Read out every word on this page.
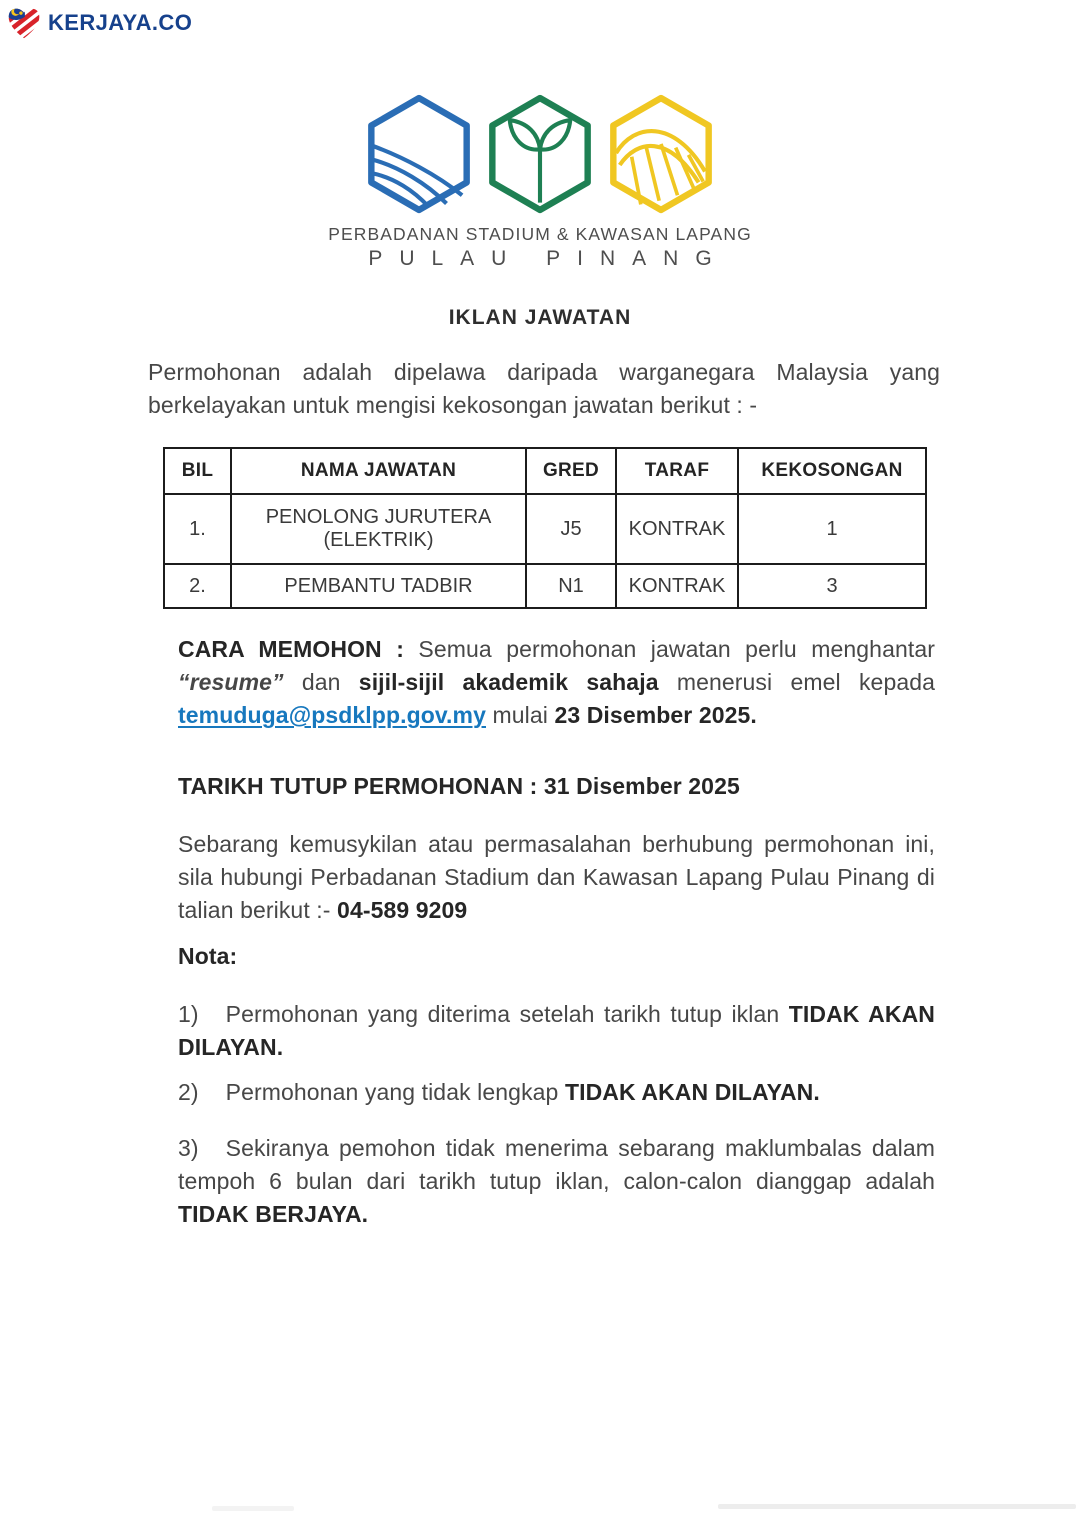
KERJAYA.CO
PERBADANAN STADIUM & KAWASAN LAPANG
PULAU PINANG
IKLAN JAWATAN

Permohonan adalah dipelawa daripada warganegara Malaysia yang berkelayakan untuk mengisi kekosongan jawatan berikut : -

BIL	NAMA JAWATAN	GRED	TARAF	KEKOSONGAN
1.	PENOLONG JURUTERA (ELEKTRIK)	J5	KONTRAK	1
2.	PEMBANTU TADBIR	N1	KONTRAK	3

CARA MEMOHON : Semua permohonan jawatan perlu menghantar “resume” dan sijil-sijil akademik sahaja menerusi emel kepada temuduga@psdklpp.gov.my mulai 23 Disember 2025.

TARIKH TUTUP PERMOHONAN : 31 Disember 2025

Sebarang kemusykilan atau permasalahan berhubung permohonan ini, sila hubungi Perbadanan Stadium dan Kawasan Lapang Pulau Pinang di talian berikut :- 04-589 9209

Nota:

1) Permohonan yang diterima setelah tarikh tutup iklan TIDAK AKAN DILAYAN.

2) Permohonan yang tidak lengkap TIDAK AKAN DILAYAN.

3) Sekiranya pemohon tidak menerima sebarang maklumbalas dalam tempoh 6 bulan dari tarikh tutup iklan, calon-calon dianggap adalah TIDAK BERJAYA.
